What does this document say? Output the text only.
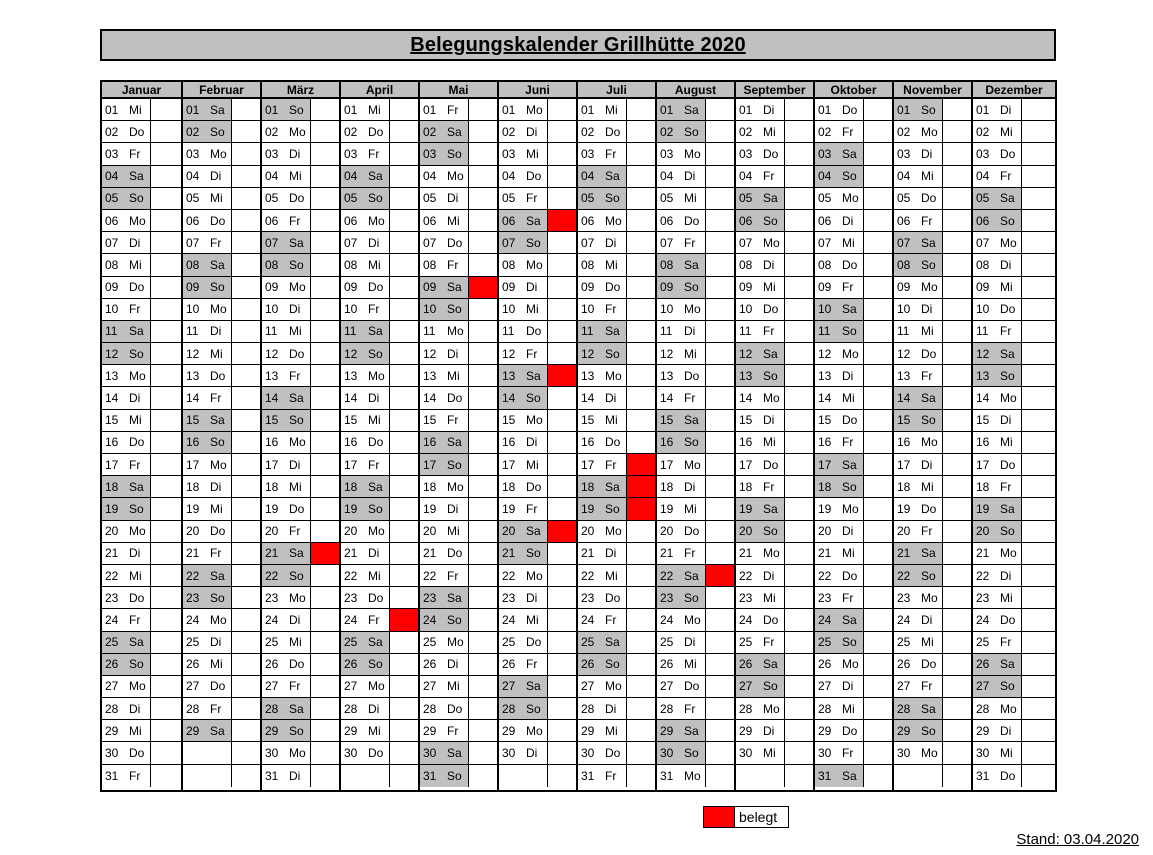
Belegungskalender Grillhütte 2020
Januar
01 Mi
02 Do
03 Fr
04 Sa
05 So
06 Mo
07 Di
08 Mi
09 Do
10 Fr
11 Sa
12 So
13 Mo
14 Di
15 Mi
16 Do
17 Fr
18 Sa
19 So
20 Mo
21 Di
22 Mi
23 Do
24 Fr
25 Sa
26 So
27 Mo
28 Di
29 Mi
30 Do
31 Fr
Februar
01 Sa
02 So
03 Mo
04 Di
05 Mi
06 Do
07 Fr
08 Sa
09 So
10 Mo
11 Di
12 Mi
13 Do
14 Fr
15 Sa
16 So
17 Mo
18 Di
19 Mi
20 Do
21 Fr
22 Sa
23 So
24 Mo
25 Di
26 Mi
27 Do
28 Fr
29 Sa
März
01 So
02 Mo
03 Di
04 Mi
05 Do
06 Fr
07 Sa
08 So
09 Mo
10 Di
11 Mi
12 Do
13 Fr
14 Sa
15 So
16 Mo
17 Di
18 Mi
19 Do
20 Fr
21 Sa
22 So
23 Mo
24 Di
25 Mi
26 Do
27 Fr
28 Sa
29 So
30 Mo
31 Di
April
01 Mi
02 Do
03 Fr
04 Sa
05 So
06 Mo
07 Di
08 Mi
09 Do
10 Fr
11 Sa
12 So
13 Mo
14 Di
15 Mi
16 Do
17 Fr
18 Sa
19 So
20 Mo
21 Di
22 Mi
23 Do
24 Fr
25 Sa
26 So
27 Mo
28 Di
29 Mi
30 Do
Mai
01 Fr
02 Sa
03 So
04 Mo
05 Di
06 Mi
07 Do
08 Fr
09 Sa
10 So
11 Mo
12 Di
13 Mi
14 Do
15 Fr
16 Sa
17 So
18 Mo
19 Di
20 Mi
21 Do
22 Fr
23 Sa
24 So
25 Mo
26 Di
27 Mi
28 Do
29 Fr
30 Sa
31 So
Juni
01 Mo
02 Di
03 Mi
04 Do
05 Fr
06 Sa
07 So
08 Mo
09 Di
10 Mi
11 Do
12 Fr
13 Sa
14 So
15 Mo
16 Di
17 Mi
18 Do
19 Fr
20 Sa
21 So
22 Mo
23 Di
24 Mi
25 Do
26 Fr
27 Sa
28 So
29 Mo
30 Di
Juli
01 Mi
02 Do
03 Fr
04 Sa
05 So
06 Mo
07 Di
08 Mi
09 Do
10 Fr
11 Sa
12 So
13 Mo
14 Di
15 Mi
16 Do
17 Fr
18 Sa
19 So
20 Mo
21 Di
22 Mi
23 Do
24 Fr
25 Sa
26 So
27 Mo
28 Di
29 Mi
30 Do
31 Fr
August
01 Sa
02 So
03 Mo
04 Di
05 Mi
06 Do
07 Fr
08 Sa
09 So
10 Mo
11 Di
12 Mi
13 Do
14 Fr
15 Sa
16 So
17 Mo
18 Di
19 Mi
20 Do
21 Fr
22 Sa
23 So
24 Mo
25 Di
26 Mi
27 Do
28 Fr
29 Sa
30 So
31 Mo
September
01 Di
02 Mi
03 Do
04 Fr
05 Sa
06 So
07 Mo
08 Di
09 Mi
10 Do
11 Fr
12 Sa
13 So
14 Mo
15 Di
16 Mi
17 Do
18 Fr
19 Sa
20 So
21 Mo
22 Di
23 Mi
24 Do
25 Fr
26 Sa
27 So
28 Mo
29 Di
30 Mi
Oktober
01 Do
02 Fr
03 Sa
04 So
05 Mo
06 Di
07 Mi
08 Do
09 Fr
10 Sa
11 So
12 Mo
13 Di
14 Mi
15 Do
16 Fr
17 Sa
18 So
19 Mo
20 Di
21 Mi
22 Do
23 Fr
24 Sa
25 So
26 Mo
27 Di
28 Mi
29 Do
30 Fr
31 Sa
November
01 So
02 Mo
03 Di
04 Mi
05 Do
06 Fr
07 Sa
08 So
09 Mo
10 Di
11 Mi
12 Do
13 Fr
14 Sa
15 So
16 Mo
17 Di
18 Mi
19 Do
20 Fr
21 Sa
22 So
23 Mo
24 Di
25 Mi
26 Do
27 Fr
28 Sa
29 So
30 Mo
Dezember
01 Di
02 Mi
03 Do
04 Fr
05 Sa
06 So
07 Mo
08 Di
09 Mi
10 Do
11 Fr
12 Sa
13 So
14 Mo
15 Di
16 Mi
17 Do
18 Fr
19 Sa
20 So
21 Mo
22 Di
23 Mi
24 Do
25 Fr
26 Sa
27 So
28 Mo
29 Di
30 Mi
31 Do
belegt
Stand: 03.04.2020
